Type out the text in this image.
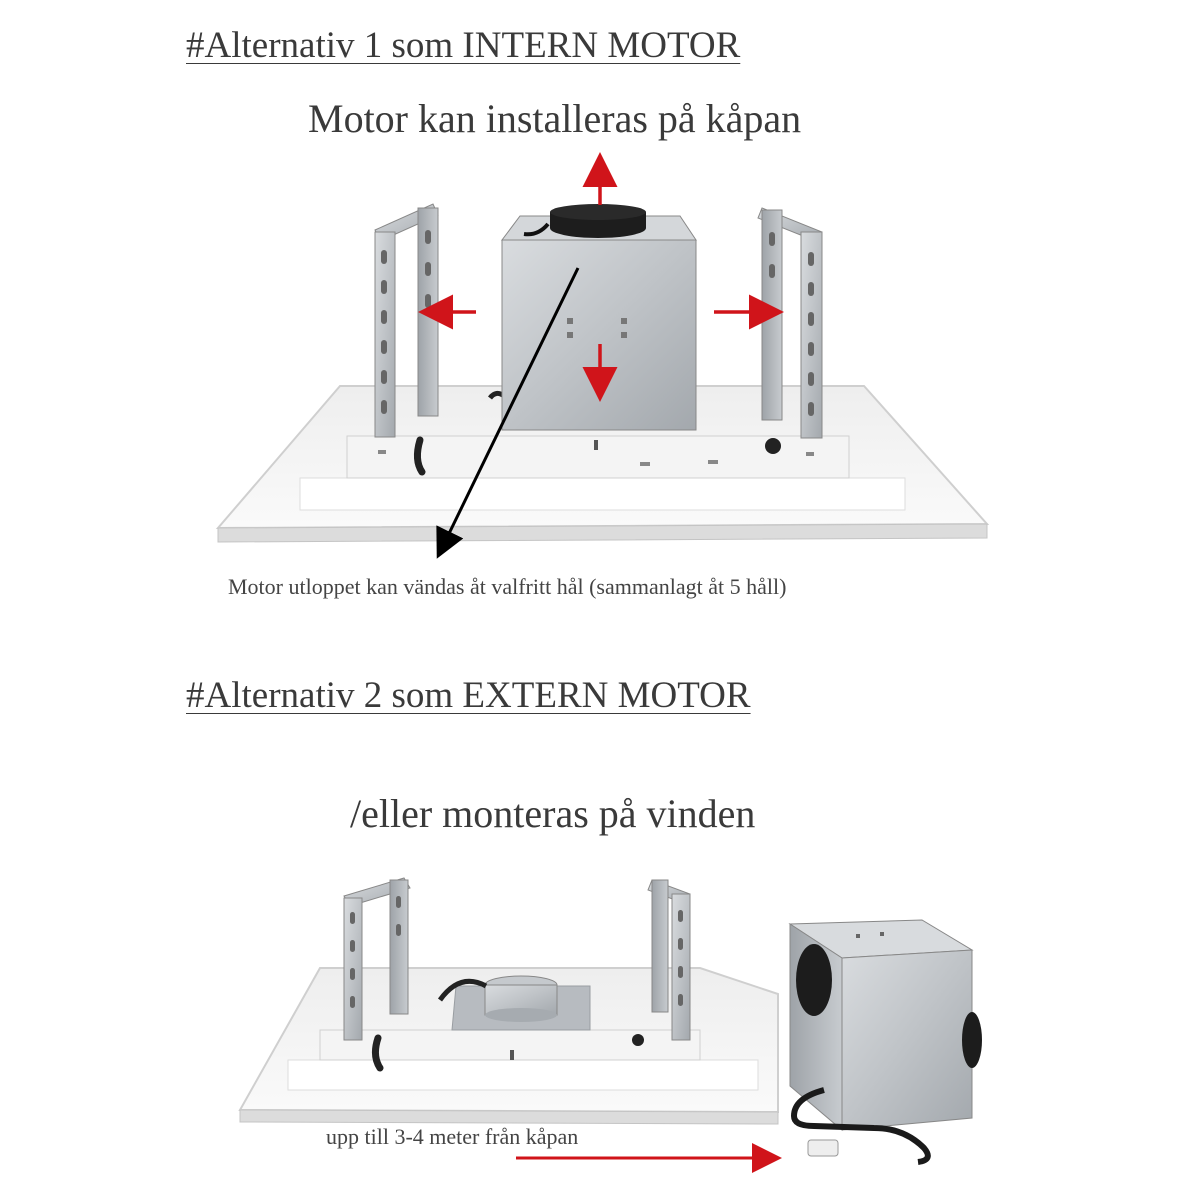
#Alternativ 1 som INTERN MOTOR
Motor kan installeras på kåpan
Motor utloppet kan vändas åt valfritt hål (sammanlagt åt 5 håll)
#Alternativ 2 som EXTERN MOTOR
/eller monteras på vinden
upp till 3-4 meter från kåpan
